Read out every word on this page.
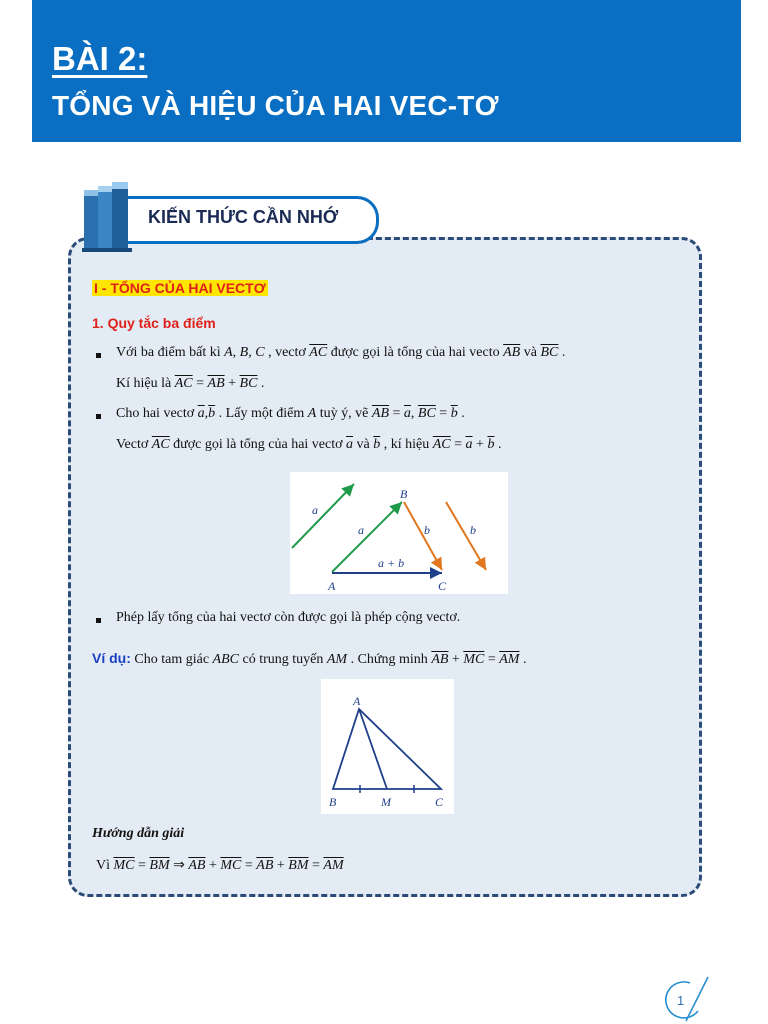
BÀI 2:
TỔNG VÀ HIỆU CỦA HAI VEC-TƠ
KIẾN THỨC CẦN NHỚ
I - TỔNG CỦA HAI VECTƠ
1. Quy tắc ba điểm
Với ba điểm bất kì A, B, C , vectơ $\overline{AC}$ được gọi là tổng của hai vecto $\overline{AB}$ và $\overline{BC}$ .
Kí hiệu là $\overline{AC} = \overline{AB} + \overline{BC}$ .
Cho hai vectơ $\overline{a},\overline{b}$ . Lấy một điểm A tuỳ ý, vẽ $\overline{AB} = \overline{a}$, $\overline{BC} = \overline{b}$ .
Vectơ $\overline{AC}$ được gọi là tổng của hai vectơ $\overline{a}$ và $\overline{b}$ , kí hiệu $\overline{AC} = \overline{a} + \overline{b}$ .
a
a	b	b
a + b
A
B
C
Phép lấy tổng của hai vectơ còn được gọi là phép cộng vectơ.
Ví dụ: Cho tam giác ABC có trung tuyến AM . Chứng minh $\overline{AB} + \overline{MC} = \overline{AM}$ .
A
B	M	C
Hướng dẫn giải
Vì $\overline{MC} = \overline{BM}$ ⇒ $\overline{AB} + \overline{MC} = \overline{AB} + \overline{BM} = \overline{AM}$
1
